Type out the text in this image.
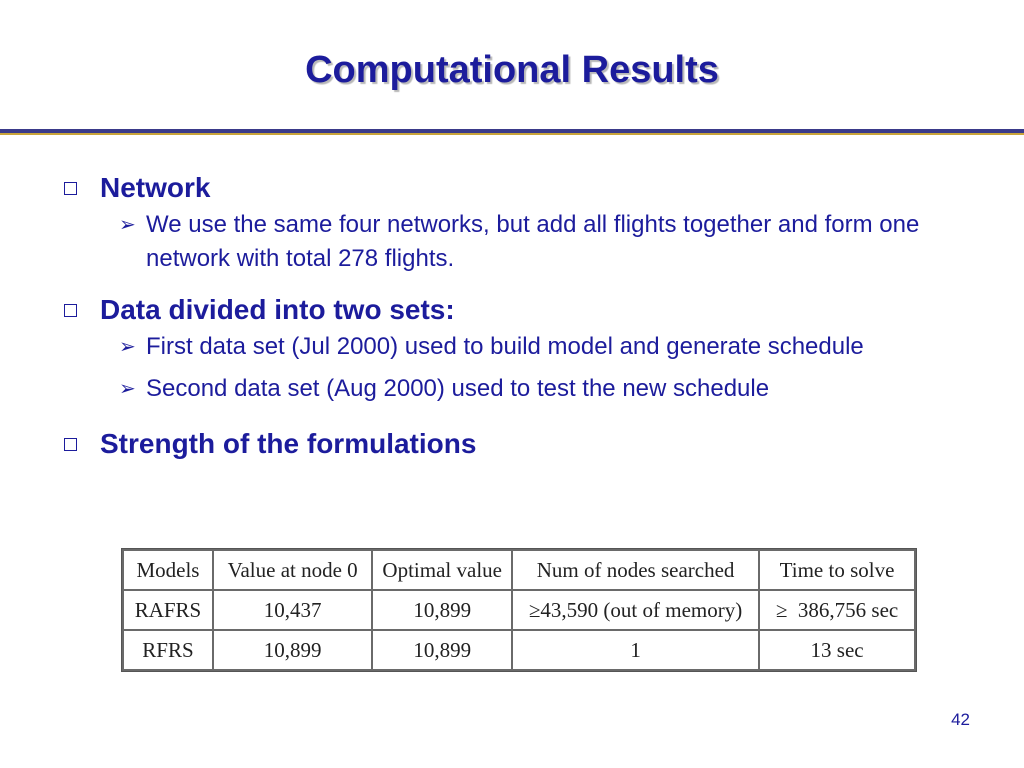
Computational Results
Network
➢ We use the same four networks, but add all flights together and form one network with total 278 flights.
Data divided into two sets:
➢ First data set (Jul 2000) used to build model and generate schedule
➢ Second data set (Aug 2000) used to test the new schedule
Strength of the formulations
Models	Value at node 0	Optimal value	Num of nodes searched	Time to solve
RAFRS	10,437	10,899	≥43,590 (out of memory)	≥  386,756 sec
RFRS	10,899	10,899	1	13 sec
42
